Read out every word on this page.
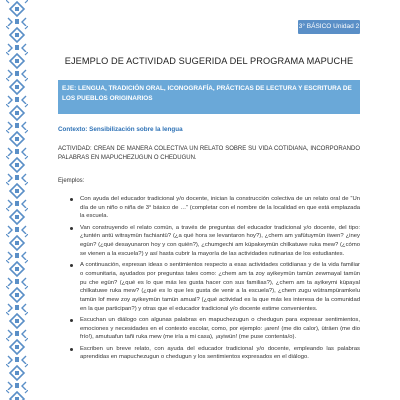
3° BÁSICO Unidad 2
EJEMPLO DE ACTIVIDAD SUGERIDA DEL PROGRAMA MAPUCHE
EJE: LENGUA, TRADICIÓN ORAL, ICONOGRAFÍA, PRÁCTICAS DE LECTURA Y ESCRITURA DE LOS PUEBLOS ORIGINARIOS
Contexto: Sensibilización sobre la lengua
ACTIVIDAD: CREAN DE MANERA COLECTIVA UN RELATO SOBRE SU VIDA COTIDIANA, INCORPORANDO PALABRAS EN MAPUCHEZUGUN O CHEDUGUN.
Ejemplos:
Con ayuda del educador tradicional y/o docente, inician la construcción colectiva de un relato oral de “Un día de un niño o niña de 3° básico de …” (completar con el nombre de la localidad en que está emplazada la escuela.
Van construyendo el relato común, a través de preguntas del educador tradicional y/o docente, del tipo: ¿tuntén antü witraymün fachiantü? (¿a qué hora se levantaron hoy?), ¿chem am yafütuymün iiwen? ¿iney egün? (¿qué desayunaron hoy y con quién?), ¿chumgechi am küpakeymün chilkatuwe ruka mew? (¿cómo se vienen a la escuela?) y así hasta cubrir la mayoría de las actividades rutinarias de los estudiantes.
A continuación, expresan ideas o sentimientos respecto a esas actividades cotidianas y de la vida familiar o comunitaria, ayudados por preguntas tales como: ¿chem am ta zoy ayikeymün tamün zewmayal tamün pu che egün? (¿qué es lo que más les gusta hacer con sus familias?), ¿chem am ta ayikeymi küpayal chilkatuwe ruka mew? (¿qué es lo que les gusta de venir a la escuela?), ¿chem zugu wütrampüramkelu tamün lof mew zoy ayikeymün tamün amual? (¿qué actividad es la que más les interesa de la comunidad en la que participan?) y otras que el educador tradicional y/o docente estime convenientes.
Escuchan un diálogo con algunas palabras en mapuchezugun o chedugun para expresar sentimientos, emociones y necesidades en el contexto escolar, como, por ejemplo: ¡aren! (me dio calor), üträen (me dio frío!), amutuafun tañi ruka mew (me iría a mi casa), ¡ayiwün! (me puse contenta/o).
Escriben un breve relato, con ayuda del educador tradicional y/o docente, empleando las palabras aprendidas en mapuchezugun o chedugun y los sentimientos expresados en el diálogo.
